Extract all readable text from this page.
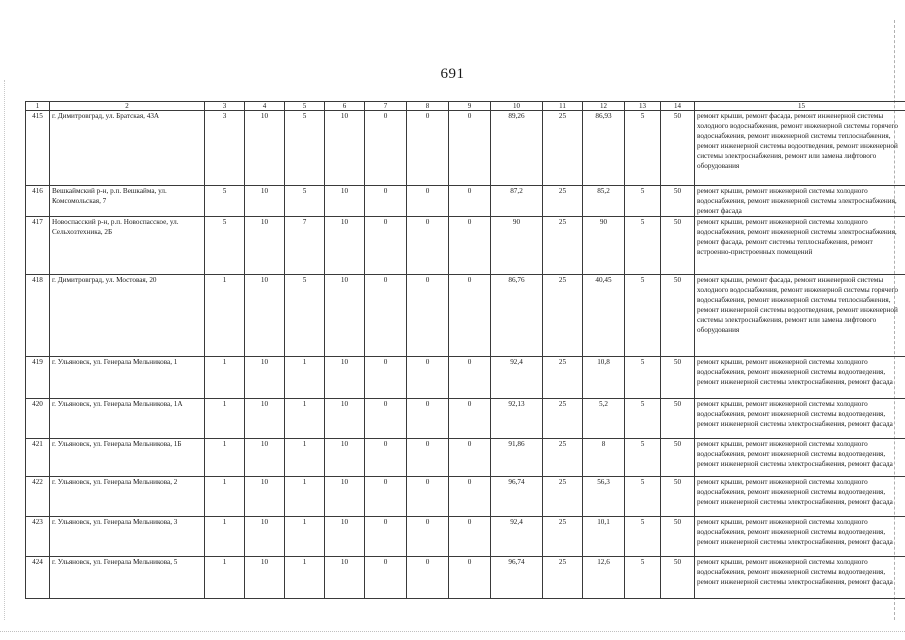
691
1	2	3	4	5	6	7	8	9	10	11	12	13	14	15
415	г. Димитровград, ул. Братская, 43А	3	10	5	10	0	0	0	89,26	25	86,93	5	50	ремонт крыши, ремонт фасада, ремонт инженерной системы холодного водоснабжения, ремонт инженерной системы горячего водоснабжения, ремонт инженерной системы теплоснабжения, ремонт инженерной системы водоотведения, ремонт инженерной системы электроснабжения, ремонт или замена лифтового оборудования
416	Вешкаймский р-н, р.п. Вешкайма, ул. Комсомольская, 7	5	10	5	10	0	0	0	87,2	25	85,2	5	50	ремонт крыши, ремонт инженерной системы холодного водоснабжения, ремонт инженерной системы электроснабжения, ремонт фасада
417	Новоспасский р-н, р.п. Новоспасское, ул. Сельхозтехника, 2Б	5	10	7	10	0	0	0	90	25	90	5	50	ремонт крыши, ремонт инженерной системы холодного водоснабжения, ремонт инженерной системы электроснабжения, ремонт фасада, ремонт системы теплоснабжения, ремонт встроенно-пристроенных помещений
418	г. Димитровград, ул. Мостовая, 20	1	10	5	10	0	0	0	86,76	25	40,45	5	50	ремонт крыши, ремонт фасада, ремонт инженерной системы холодного водоснабжения, ремонт инженерной системы горячего водоснабжения, ремонт инженерной системы теплоснабжения, ремонт инженерной системы водоотведения, ремонт инженерной системы электроснабжения, ремонт или замена лифтового оборудования
419	г. Ульяновск, ул. Генерала Мельникова, 1	1	10	1	10	0	0	0	92,4	25	10,8	5	50	ремонт крыши, ремонт инженерной системы холодного водоснабжения, ремонт инженерной системы водоотведения, ремонт инженерной системы электроснабжения, ремонт фасада
420	г. Ульяновск, ул. Генерала Мельникова, 1А	1	10	1	10	0	0	0	92,13	25	5,2	5	50	ремонт крыши, ремонт инженерной системы холодного водоснабжения, ремонт инженерной системы водоотведения, ремонт инженерной системы электроснабжения, ремонт фасада
421	г. Ульяновск, ул. Генерала Мельникова, 1Б	1	10	1	10	0	0	0	91,86	25	8	5	50	ремонт крыши, ремонт инженерной системы холодного водоснабжения, ремонт инженерной системы водоотведения, ремонт инженерной системы электроснабжения, ремонт фасада
422	г. Ульяновск, ул. Генерала Мельникова, 2	1	10	1	10	0	0	0	96,74	25	56,3	5	50	ремонт крыши, ремонт инженерной системы холодного водоснабжения, ремонт инженерной системы водоотведения, ремонт инженерной системы электроснабжения, ремонт фасада
423	г. Ульяновск, ул. Генерала Мельникова, 3	1	10	1	10	0	0	0	92,4	25	10,1	5	50	ремонт крыши, ремонт инженерной системы холодного водоснабжения, ремонт инженерной системы водоотведения, ремонт инженерной системы электроснабжения, ремонт фасада
424	г. Ульяновск, ул. Генерала Мельникова, 5	1	10	1	10	0	0	0	96,74	25	12,6	5	50	ремонт крыши, ремонт инженерной системы холодного водоснабжения, ремонт инженерной системы водоотведения, ремонт инженерной системы электроснабжения, ремонт фасада
